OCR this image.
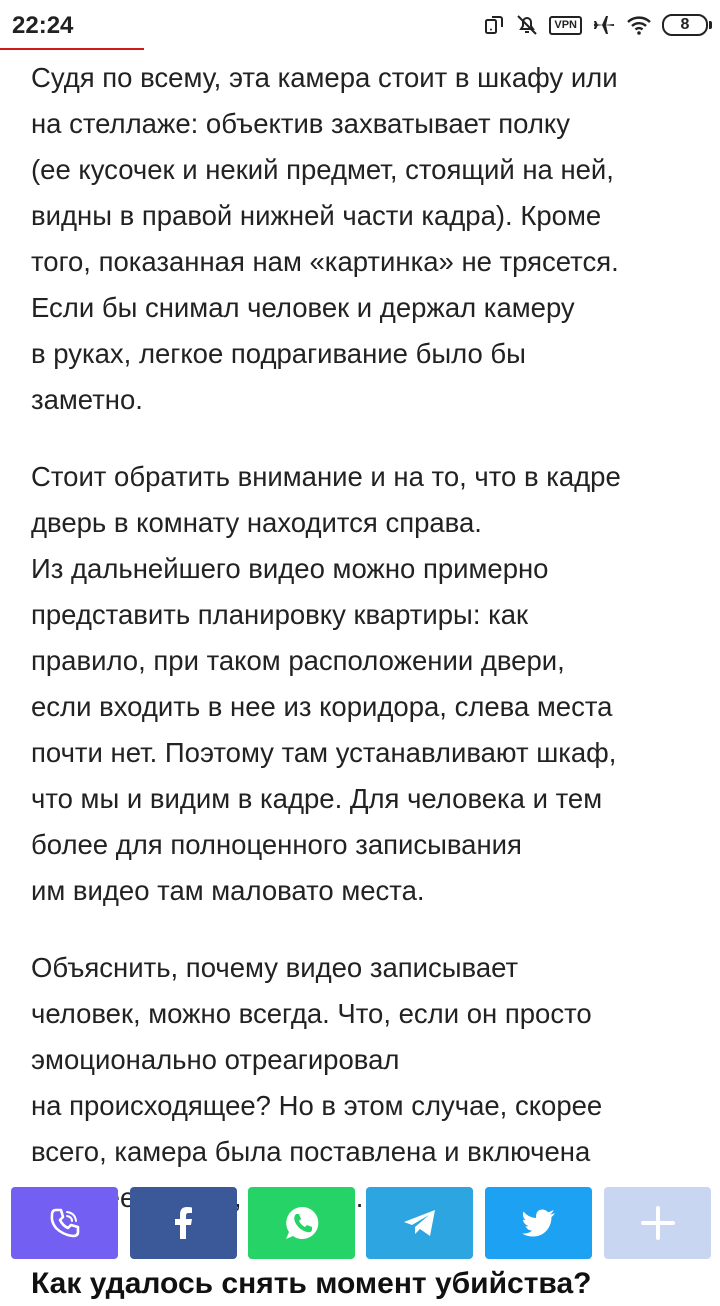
22:24	VPN	8

Судя по всему, эта камера стоит в шкафу или
на стеллаже: объектив захватывает полку
(ее кусочек и некий предмет, стоящий на ней,
видны в правой нижней части кадра). Кроме
того, показанная нам «картинка» не трясется.
Если бы снимал человек и держал камеру
в руках, легкое подрагивание было бы
заметно.

Стоит обратить внимание и на то, что в кадре
дверь в комнату находится справа.
Из дальнейшего видео можно примерно
представить планировку квартиры: как
правило, при таком расположении двери,
если входить в нее из коридора, слева места
почти нет. Поэтому там устанавливают шкаф,
что мы и видим в кадре. Для человека и тем
более для полноценного записывания
им видео там маловато места.

Объяснить, почему видео записывает
человек, можно всегда. Что, если он просто
эмоционально отреагировал
на происходящее? Но в этом случае, скорее
всего, камера была поставлена и включена

Как удалось снять момент убийства?
